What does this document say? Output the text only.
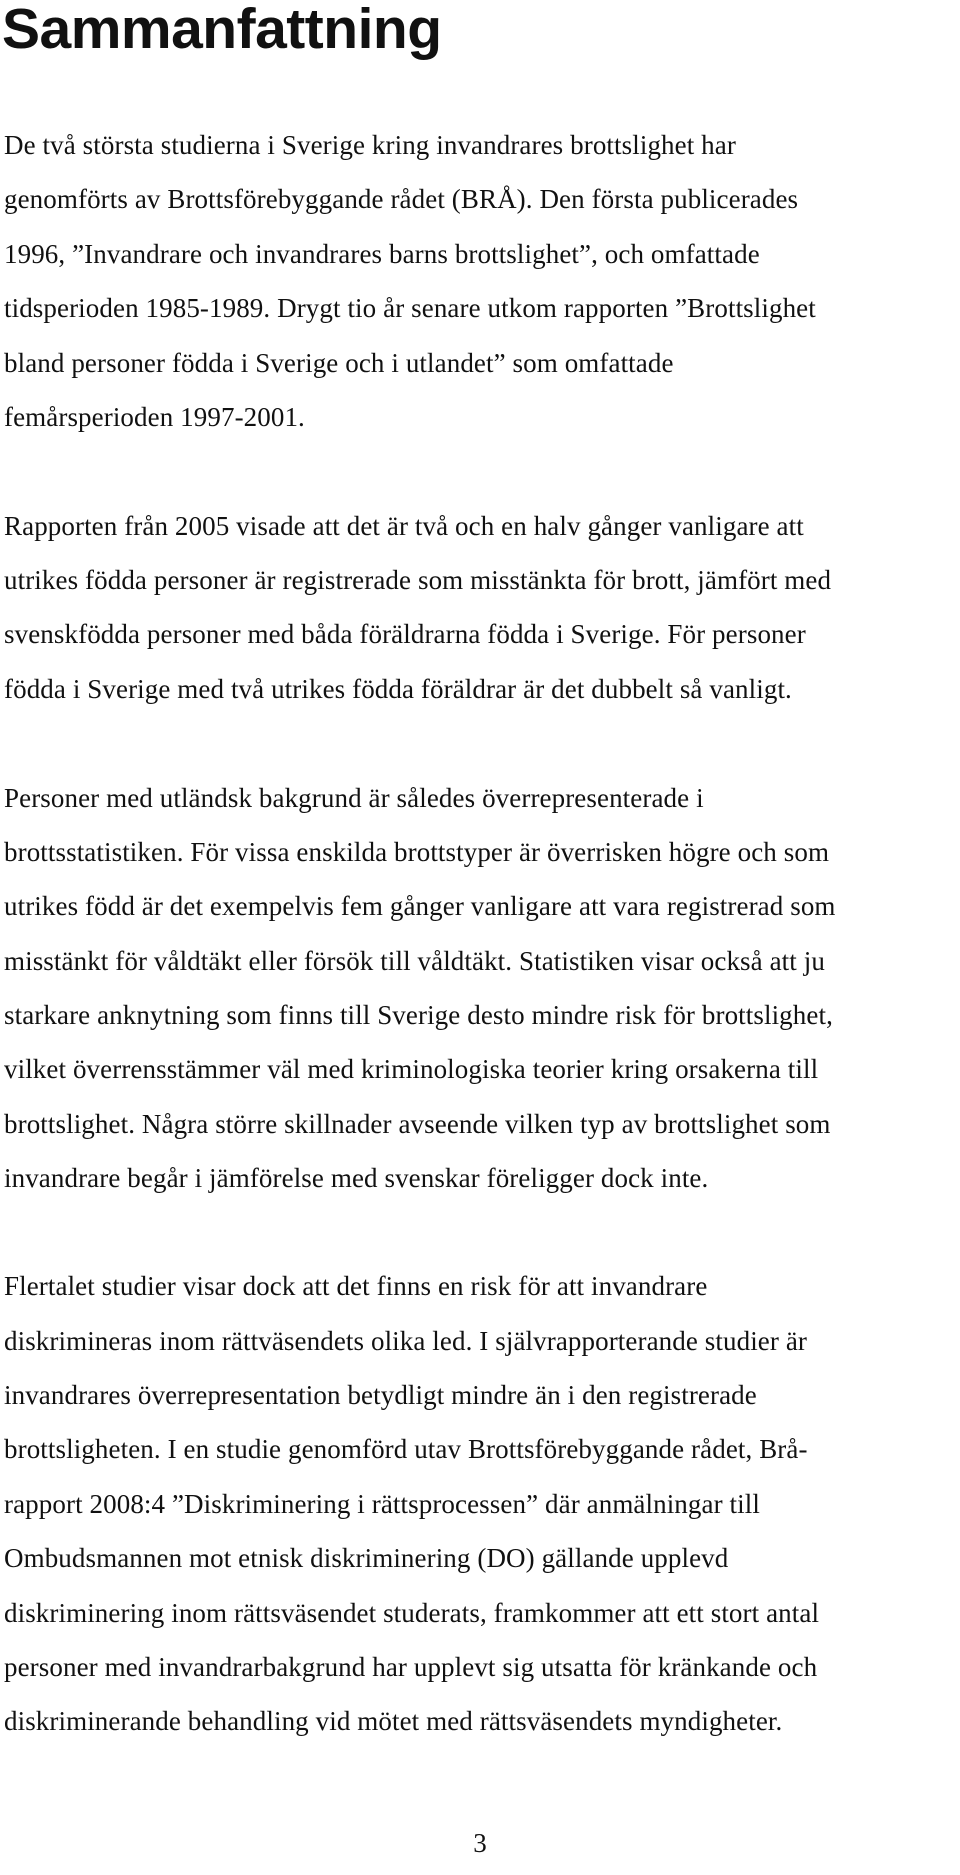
Sammanfattning
De två största studierna i Sverige kring invandrares brottslighet har
genomförts av Brottsförebyggande rådet (BRÅ). Den första publicerades
1996, ”Invandrare och invandrares barns brottslighet”, och omfattade
tidsperioden 1985-1989. Drygt tio år senare utkom rapporten ”Brottslighet
bland personer födda i Sverige och i utlandet” som omfattade
femårsperioden 1997-2001.
Rapporten från 2005 visade att det är två och en halv gånger vanligare att
utrikes födda personer är registrerade som misstänkta för brott, jämfört med
svenskfödda personer med båda föräldrarna födda i Sverige. För personer
födda i Sverige med två utrikes födda föräldrar är det dubbelt så vanligt.
Personer med utländsk bakgrund är således överrepresenterade i
brottsstatistiken. För vissa enskilda brottstyper är överrisken högre och som
utrikes född är det exempelvis fem gånger vanligare att vara registrerad som
misstänkt för våldtäkt eller försök till våldtäkt. Statistiken visar också att ju
starkare anknytning som finns till Sverige desto mindre risk för brottslighet,
vilket överrensstämmer väl med kriminologiska teorier kring orsakerna till
brottslighet. Några större skillnader avseende vilken typ av brottslighet som
invandrare begår i jämförelse med svenskar föreligger dock inte.
Flertalet studier visar dock att det finns en risk för att invandrare
diskrimineras inom rättväsendets olika led. I självrapporterande studier är
invandrares överrepresentation betydligt mindre än i den registrerade
brottsligheten. I en studie genomförd utav Brottsförebyggande rådet, Brå-
rapport 2008:4 ”Diskriminering i rättsprocessen” där anmälningar till
Ombudsmannen mot etnisk diskriminering (DO) gällande upplevd
diskriminering inom rättsväsendet studerats, framkommer att ett stort antal
personer med invandrarbakgrund har upplevt sig utsatta för kränkande och
diskriminerande behandling vid mötet med rättsväsendets myndigheter.
3
